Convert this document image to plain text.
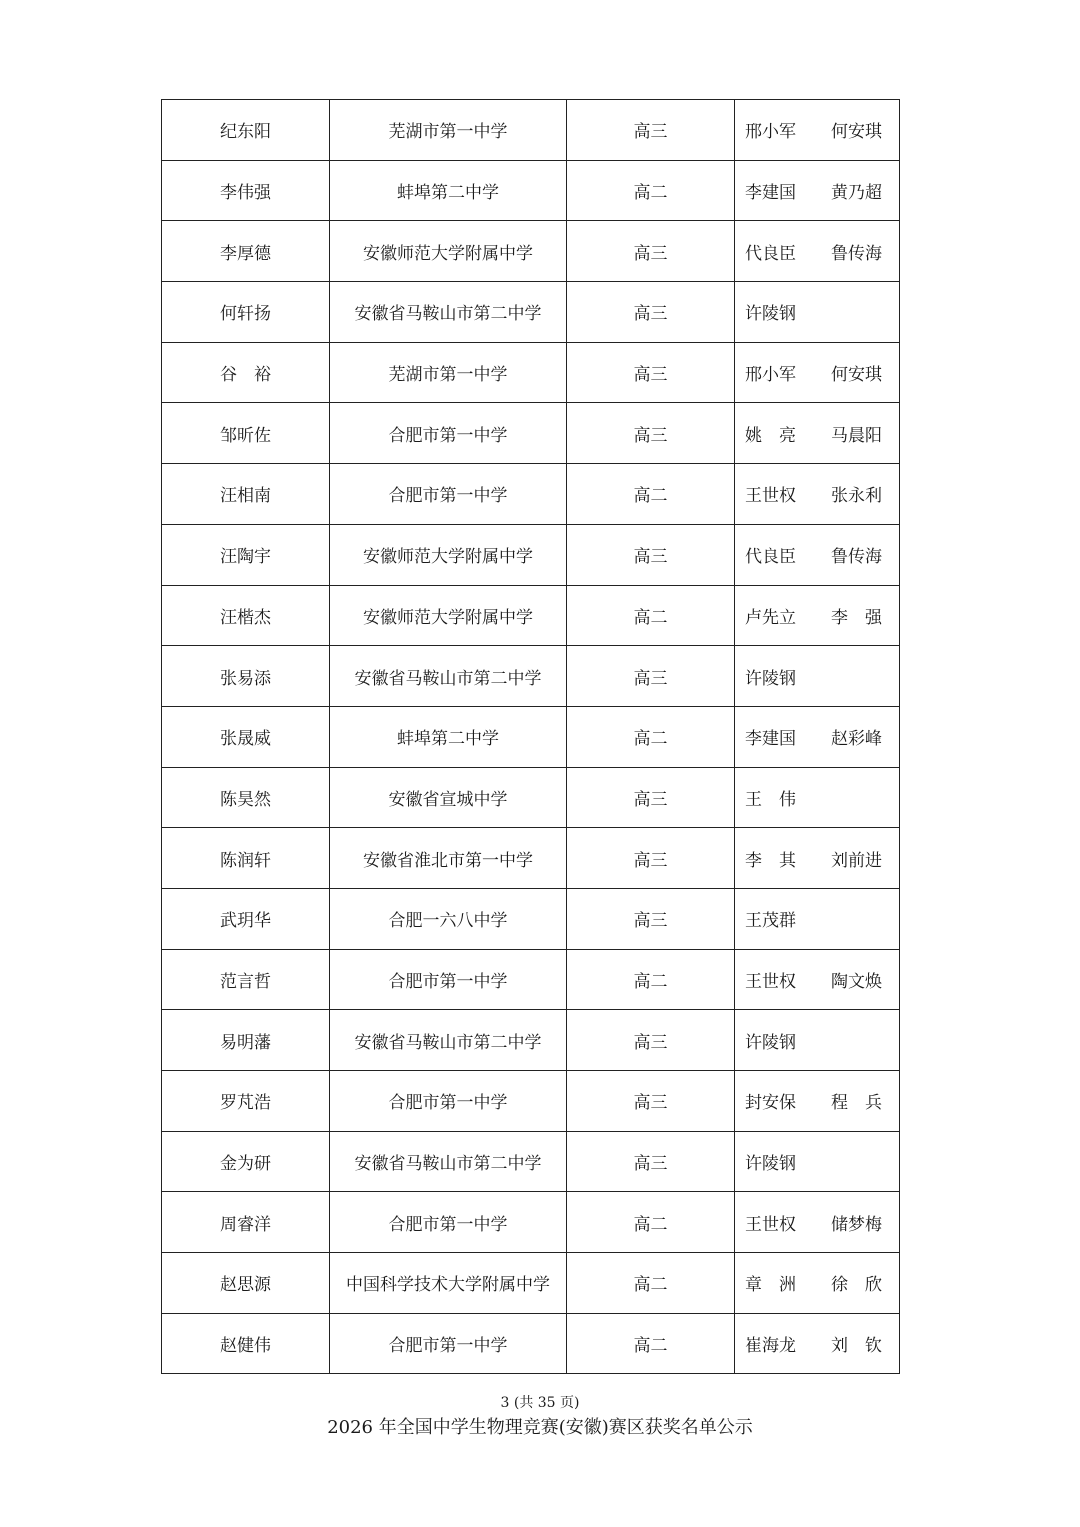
纪东阳	芜湖市第一中学	高三	邢小军 何安琪

李伟强	蚌埠第二中学	高二	李建国 黄乃超

李厚德	安徽师范大学附属中学	高三	代良臣 鲁传海

何轩扬	安徽省马鞍山市第二中学	高三	许陵钢

谷　裕	芜湖市第一中学	高三	邢小军 何安琪

邹昕佐	合肥市第一中学	高三	姚　亮 马晨阳

汪相南	合肥市第一中学	高二	王世权 张永利

汪陶宇	安徽师范大学附属中学	高三	代良臣 鲁传海

汪楷杰	安徽师范大学附属中学	高二	卢先立 李　强

张易添	安徽省马鞍山市第二中学	高三	许陵钢

张晟威	蚌埠第二中学	高二	李建国 赵彩峰

陈昊然	安徽省宣城中学	高三	王　伟

陈润轩	安徽省淮北市第一中学	高三	李　其 刘前进

武玥华	合肥一六八中学	高三	王茂群

范言哲	合肥市第一中学	高二	王世权 陶文焕

易明藩	安徽省马鞍山市第二中学	高三	许陵钢

罗芃浩	合肥市第一中学	高三	封安保 程　兵

金为研	安徽省马鞍山市第二中学	高三	许陵钢

周睿洋	合肥市第一中学	高二	王世权 储梦梅

赵思源	中国科学技术大学附属中学	高二	章　洲 徐　欣

赵健伟	合肥市第一中学	高二	崔海龙 刘　钦
3 (共 35 页)
2026 年全国中学生物理竞赛(安徽)赛区获奖名单公示
